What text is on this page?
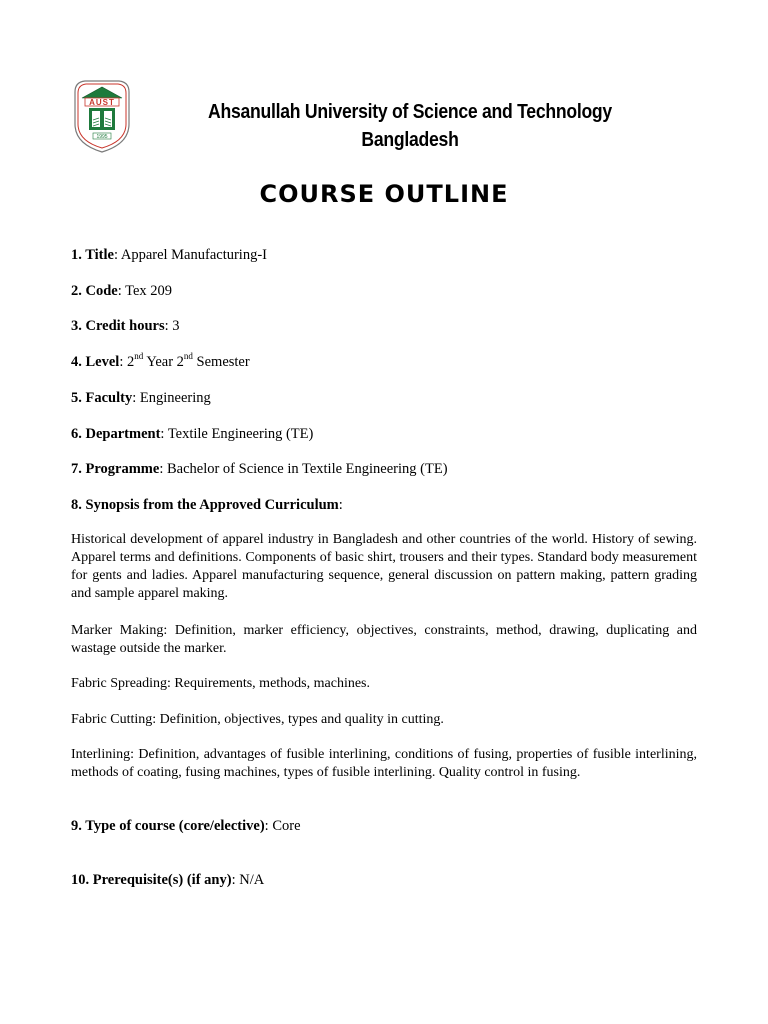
AUST
1995
Ahsanullah University of Science and Technology
Bangladesh
COURSE OUTLINE
1. Title: Apparel Manufacturing-I
2. Code: Tex 209
3. Credit hours: 3
4. Level: 2nd Year 2nd Semester
5. Faculty: Engineering
6. Department: Textile Engineering (TE)
7. Programme: Bachelor of Science in Textile Engineering (TE)
8. Synopsis from the Approved Curriculum:
Historical development of apparel industry in Bangladesh and other countries of the world. History of sewing. Apparel terms and definitions. Components of basic shirt, trousers and their types. Standard body measurement for gents and ladies. Apparel manufacturing sequence, general discussion on pattern making, pattern grading and sample apparel making.
Marker Making: Definition, marker efficiency, objectives, constraints, method, drawing, duplicating and wastage outside the marker.
Fabric Spreading: Requirements, methods, machines.
Fabric Cutting: Definition, objectives, types and quality in cutting.
Interlining: Definition, advantages of fusible interlining, conditions of fusing, properties of fusible interlining, methods of coating, fusing machines, types of fusible interlining. Quality control in fusing.
9. Type of course (core/elective): Core
10. Prerequisite(s) (if any): N/A
